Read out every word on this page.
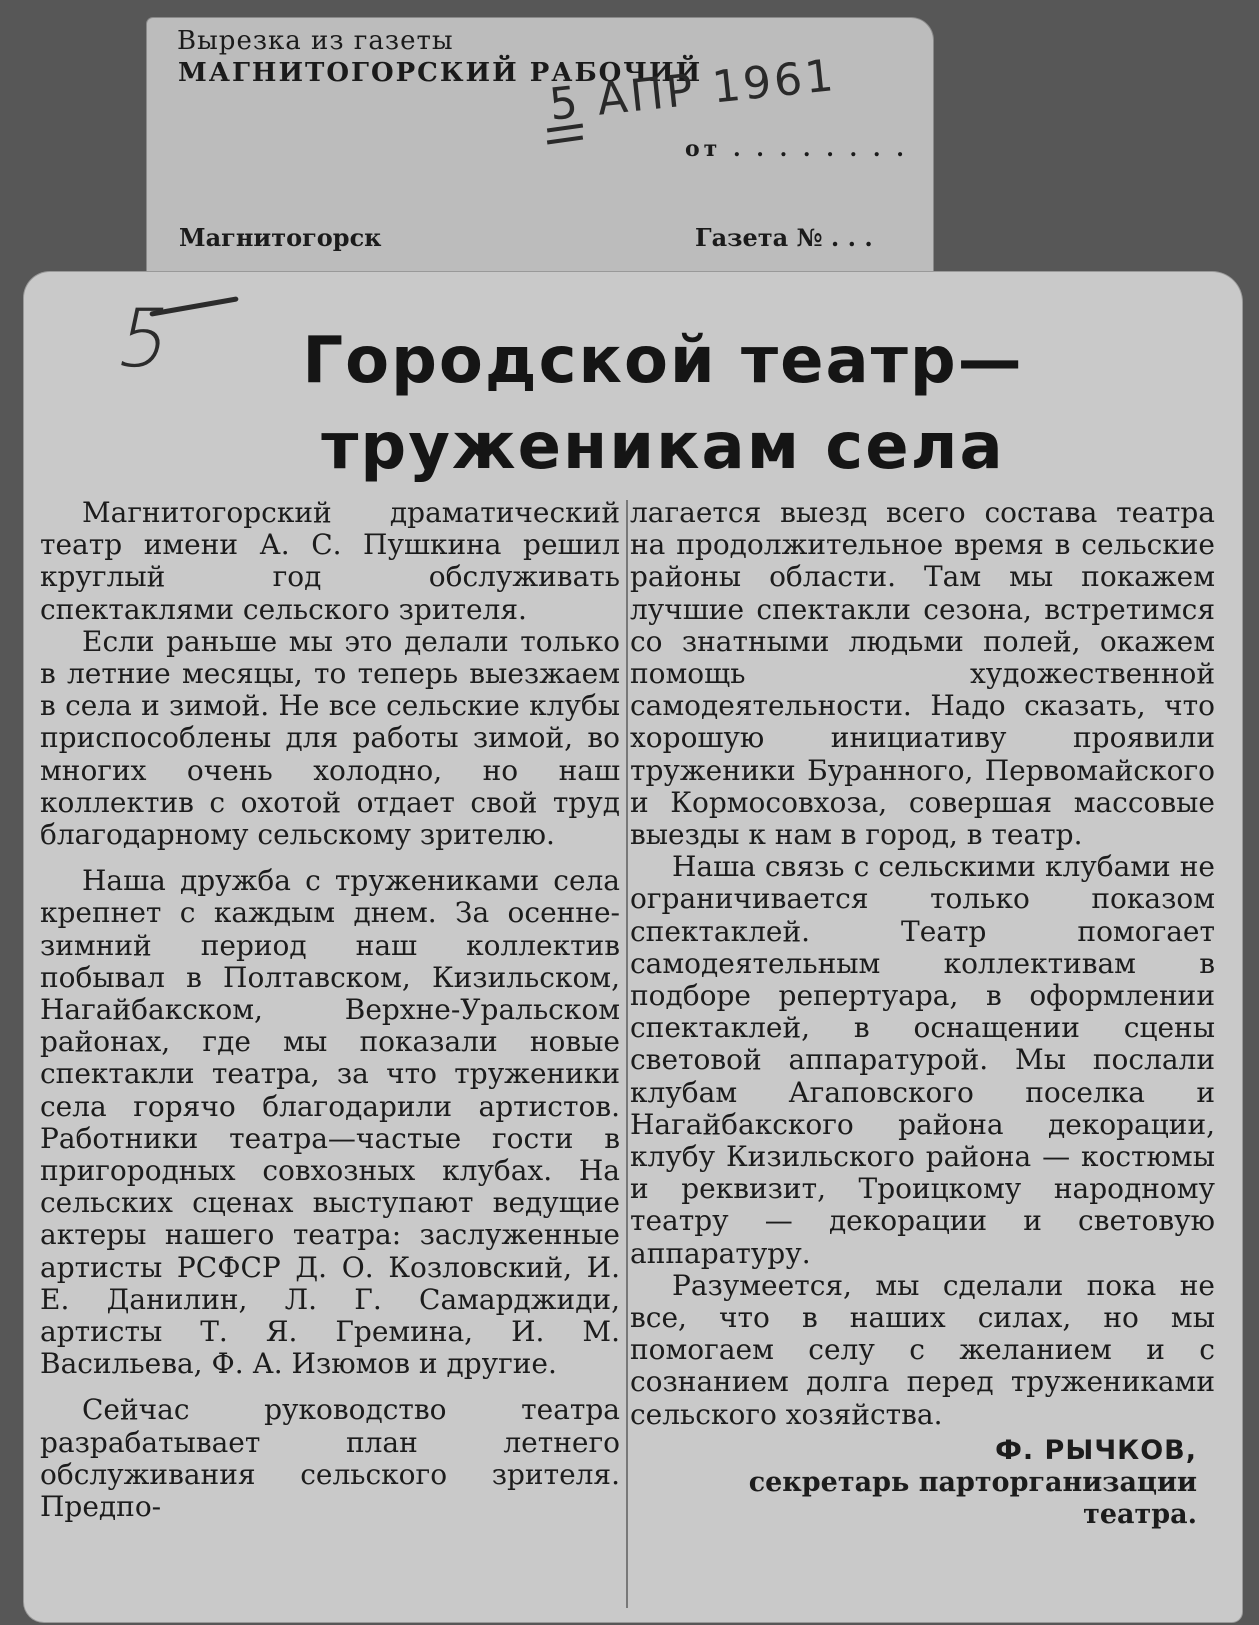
Вырезка из газеты
МАГНИТОГОРСКИЙ РАБОЧИЙ
5 АПР 1961
от . . . . . . . .
Магнитогорск	Газета № . . .
5	Городской театр—
труженикам села

Магнитогорский драматический театр имени А. С. Пушкина решил круглый год обслуживать спектаклями сельского зрителя.

Если раньше мы это делали только в летние месяцы, то теперь выезжаем в села и зимой. Не все сельские клубы приспособлены для работы зимой, во многих очень холодно, но наш коллектив с охотой отдает свой труд благодарному сельскому зрителю.

Наша дружба с тружениками села крепнет с каждым днем. За осенне-зимний период наш коллектив побывал в Полтавском, Кизильском, Нагайбакском, Верхне-Уральском районах, где мы показали новые спектакли театра, за что труженики села горячо благодарили артистов. Работники театра—частые гости в пригородных совхозных клубах. На сельских сценах выступают ведущие актеры нашего театра: заслуженные артисты РСФСР Д. О. Козловский, И. Е. Данилин, Л. Г. Самарджиди, артисты Т. Я. Гремина, И. М. Васильева, Ф. А. Изюмов и другие.

Сейчас руководство театра разрабатывает план летнего обслуживания сельского зрителя. Предпо-

лагается выезд всего состава театра на продолжительное время в сельские районы области. Там мы покажем лучшие спектакли сезона, встретимся со знатными людьми полей, окажем помощь художественной самодеятельности. Надо сказать, что хорошую инициативу проявили труженики Буранного, Первомайского и Кормосовхоза, совершая массовые выезды к нам в город, в театр.

Наша связь с сельскими клубами не ограничивается только показом спектаклей. Театр помогает самодеятельным коллективам в подборе репертуара, в оформлении спектаклей, в оснащении сцены световой аппаратурой. Мы послали клубам Агаповского поселка и Нагайбакского района декорации, клубу Кизильского района — костюмы и реквизит, Троицкому народному театру — декорации и световую аппаратуру.

Разумеется, мы сделали пока не все, что в наших силах, но мы помогаем селу с желанием и с сознанием долга перед тружениками сельского хозяйства.

Ф. РЫЧКОВ,
секретарь парторганизации
театра.
